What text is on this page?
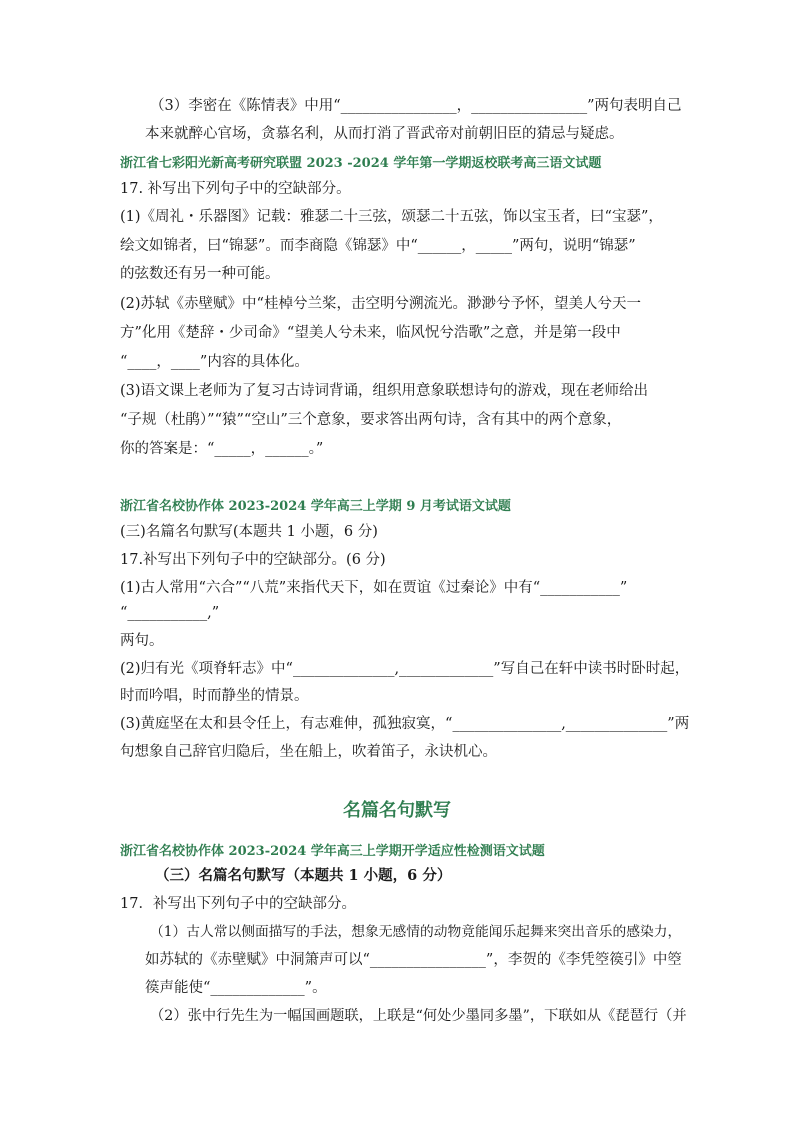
（3）李密在《陈情表》中用“________________，________________”两句表明自己
本来就醉心官场，贪慕名利，从而打消了晋武帝对前朝旧臣的猜忌与疑虑。
浙江省七彩阳光新高考研究联盟 2023 -2024 学年第一学期返校联考高三语文试题
17. 补写出下列句子中的空缺部分。
(1)《周礼・乐器图》记载：雅瑟二十三弦，颂瑟二十五弦，饰以宝玉者，曰“宝瑟”，
绘文如锦者，曰“锦瑟”。而李商隐《锦瑟》中“______，_____”两句，说明“锦瑟”
的弦数还有另一种可能。
(2)苏轼《赤壁赋》中“桂棹兮兰桨，击空明兮溯流光。渺渺兮予怀，望美人兮天一
方”化用《楚辞・少司命》“望美人兮未来，临风怳兮浩歌”之意，并是第一段中
“____，____”内容的具体化。
(3)语文课上老师为了复习古诗词背诵，组织用意象联想诗句的游戏，现在老师给出
“子规（杜鹃）”“猿”“空山”三个意象，要求答出两句诗，含有其中的两个意象，
你的答案是：“_____，______。”
浙江省名校协作体 2023-2024 学年高三上学期 9 月考试语文试题
(三)名篇名句默写(本题共 1 小题，6 分)
17.补写出下列句子中的空缺部分。(6 分)
(1)古人常用“六合”“八荒”来指代天下，如在贾谊《过秦论》中有“___________”
“___________,”
两句。
(2)归有光《项脊轩志》中“______________,_____________”写自己在轩中读书时卧时起，
时而吟唱，时而静坐的情景。
(3)黄庭坚在太和县令任上，有志难伸，孤独寂寞，“_______________,______________”两
句想象自己辞官归隐后，坐在船上，吹着笛子，永诀机心。
名篇名句默写
浙江省名校协作体 2023-2024 学年高三上学期开学适应性检测语文试题
（三）名篇名句默写（本题共 1 小题，6 分）
17．补写出下列句子中的空缺部分。
（1）古人常以侧面描写的手法，想象无感情的动物竟能闻乐起舞来突出音乐的感染力，
如苏轼的《赤壁赋》中洞箫声可以“________________”，李贺的《李凭箜篌引》中箜
篌声能使“_____________”。
（2）张中行先生为一幅国画题联，上联是“何处少墨同多墨”，下联如从《琵琶行（并
